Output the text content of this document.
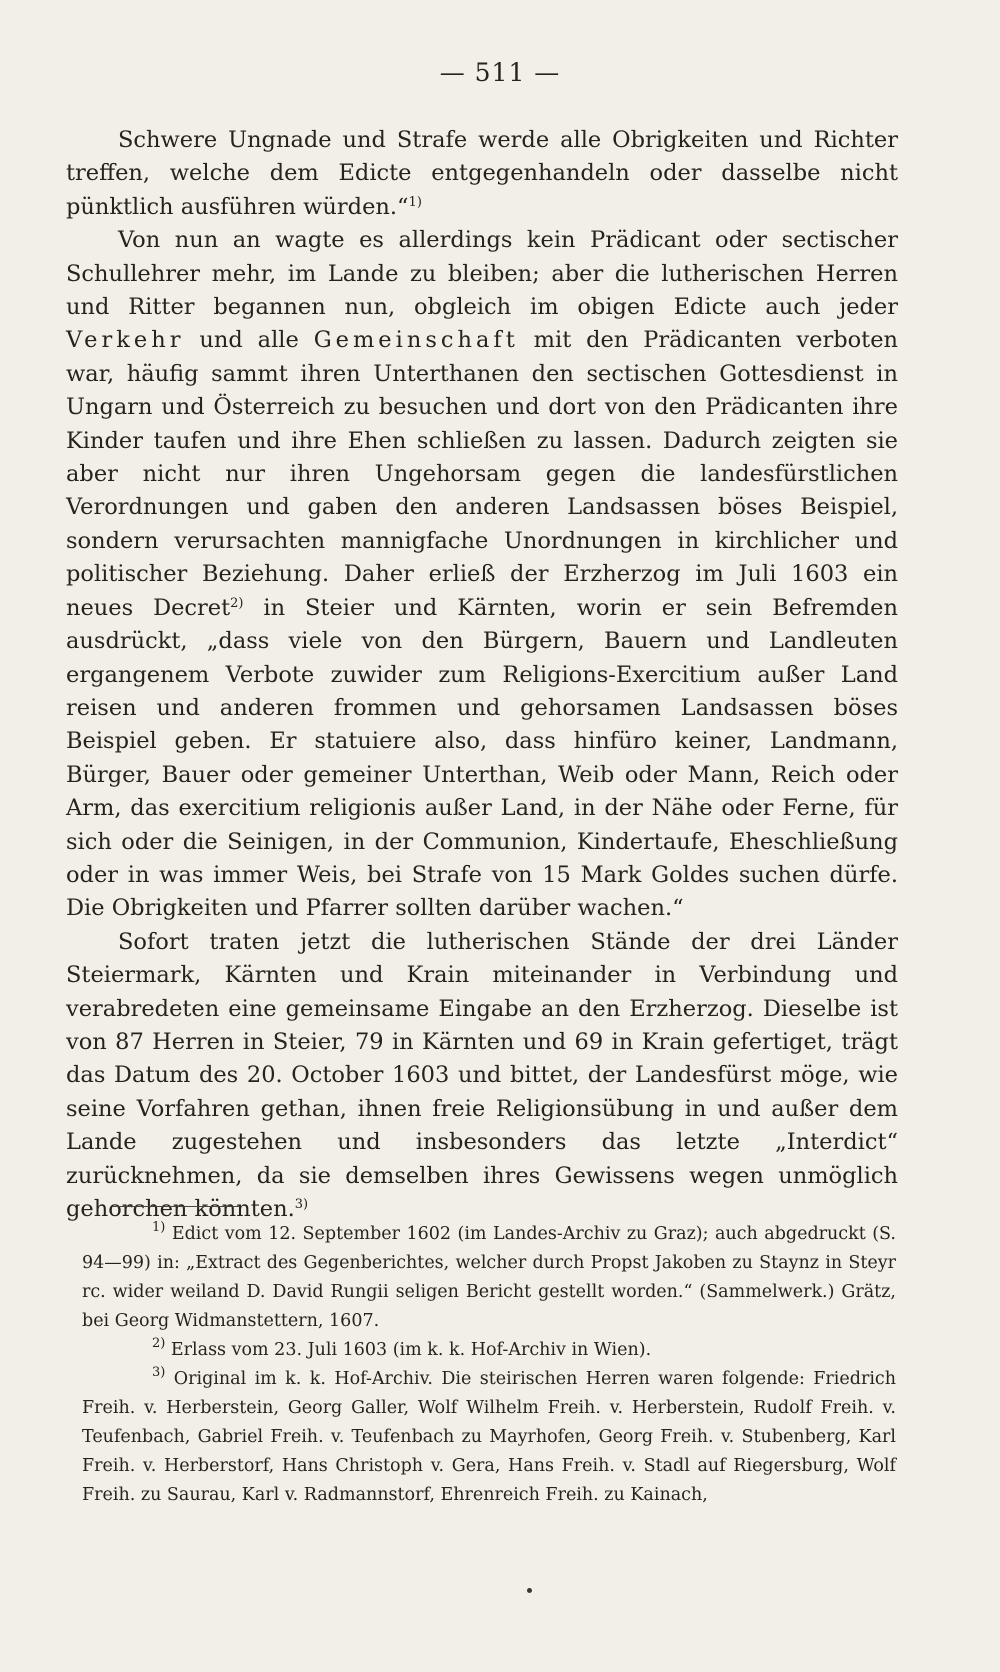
— 511 —

Schwere Ungnade und Strafe werde alle Obrigkeiten und Richter treffen, welche dem Edicte entgegenhandeln oder dasselbe nicht pünktlich ausführen würden.“$^{1)}$

Von nun an wagte es allerdings kein Prädicant oder sectischer Schullehrer mehr, im Lande zu bleiben; aber die lutherischen Herren und Ritter begannen nun, obgleich im obigen Edicte auch jeder Verkehr und alle Gemeinschaft mit den Prädicanten verboten war, häufig sammt ihren Unterthanen den sectischen Gottesdienst in Ungarn und Österreich zu besuchen und dort von den Prädicanten ihre Kinder taufen und ihre Ehen schließen zu lassen. Dadurch zeigten sie aber nicht nur ihren Ungehorsam gegen die landesfürstlichen Verordnungen und gaben den anderen Landsassen böses Beispiel, sondern verursachten mannigfache Unordnungen in kirchlicher und politischer Beziehung. Daher erließ der Erzherzog im Juli 1603 ein neues Decret$^{2)}$ in Steier und Kärnten, worin er sein Befremden ausdrückt, „dass viele von den Bürgern, Bauern und Landleuten ergangenem Verbote zuwider zum Religions-Exercitium außer Land reisen und anderen frommen und gehorsamen Landsassen böses Beispiel geben. Er statuiere also, dass hinfüro keiner, Landmann, Bürger, Bauer oder gemeiner Unterthan, Weib oder Mann, Reich oder Arm, das exercitium religionis außer Land, in der Nähe oder Ferne, für sich oder die Seinigen, in der Communion, Kindertaufe, Eheschließung oder in was immer Weis, bei Strafe von 15 Mark Goldes suchen dürfe. Die Obrigkeiten und Pfarrer sollten darüber wachen.“

Sofort traten jetzt die lutherischen Stände der drei Länder Steiermark, Kärnten und Krain miteinander in Verbindung und verabredeten eine gemeinsame Eingabe an den Erzherzog. Dieselbe ist von 87 Herren in Steier, 79 in Kärnten und 69 in Krain gefertiget, trägt das Datum des 20. October 1603 und bittet, der Landesfürst möge, wie seine Vorfahren gethan, ihnen freie Religionsübung in und außer dem Lande zugestehen und insbesonders das letzte „Interdict“ zurücknehmen, da sie demselben ihres Gewissens wegen unmöglich gehorchen könnten.$^{3)}$

$^{1)}$ Edict vom 12. September 1602 (im Landes-Archiv zu Graz); auch abgedruckt (S. 94—99) in: „Extract des Gegenberichtes, welcher durch Propst Jakoben zu Staynz in Steyr rc. wider weiland D. David Rungii seligen Bericht gestellt worden.“ (Sammelwerk.) Grätz, bei Georg Widmanstettern, 1607.

$^{2)}$ Erlass vom 23. Juli 1603 (im k. k. Hof-Archiv in Wien).

$^{3)}$ Original im k. k. Hof-Archiv. Die steirischen Herren waren folgende: Friedrich Freih. v. Herberstein, Georg Galler, Wolf Wilhelm Freih. v. Herberstein, Rudolf Freih. v. Teufenbach, Gabriel Freih. v. Teufenbach zu Mayrhofen, Georg Freih. v. Stubenberg, Karl Freih. v. Herberstorf, Hans Christoph v. Gera, Hans Freih. v. Stadl auf Riegersburg, Wolf Freih. zu Saurau, Karl v. Radmannstorf, Ehrenreich Freih. zu Kainach,
